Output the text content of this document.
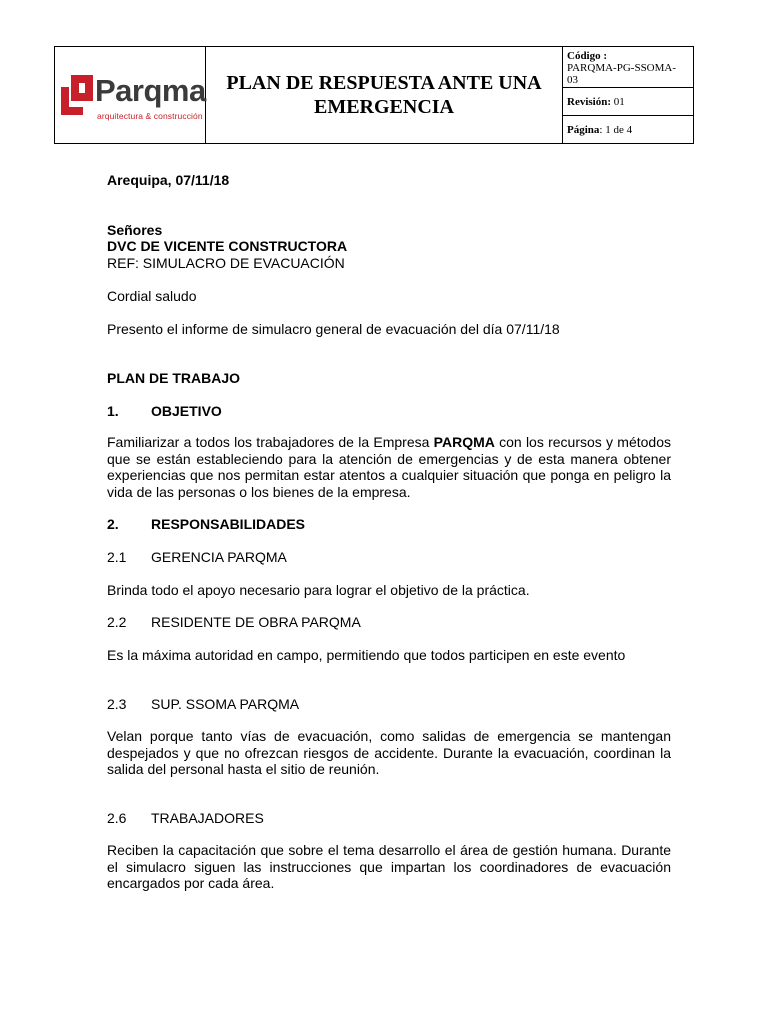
Parqma
arquitectura & construcción
PLAN DE RESPUESTA ANTE UNA
EMERGENCIA
Código :
PARQMA-PG-SSOMA-
03
Revisión: 01
Página : 1 de 4

Arequipa, 07/11/18

Señores

DVC DE VICENTE CONSTRUCTORA

REF: SIMULACRO DE EVACUACIÓN

Cordial saludo

Presento el informe de simulacro general de evacuación del día 07/11/18

PLAN DE TRABAJO

1. OBJETIVO

Familiarizar a todos los trabajadores de la Empresa PARQMA con los recursos y métodos que se están estableciendo para la atención de emergencias y de esta manera obtener experiencias que nos permitan estar atentos a cualquier situación que ponga en peligro la vida de las personas o los bienes de la empresa.

2. RESPONSABILIDADES

2.1 GERENCIA PARQMA

Brinda todo el apoyo necesario para lograr el objetivo de la práctica.

2.2 RESIDENTE DE OBRA PARQMA

Es la máxima autoridad en campo, permitiendo que todos participen en este evento

2.3 SUP. SSOMA PARQMA

Velan porque tanto vías de evacuación, como salidas de emergencia se mantengan despejados y que no ofrezcan riesgos de accidente. Durante la evacuación, coordinan la salida del personal hasta el sitio de reunión.

2.6 TRABAJADORES

Reciben la capacitación que sobre el tema desarrollo el área de gestión humana. Durante el simulacro siguen las instrucciones que impartan los coordinadores de evacuación encargados por cada área.
